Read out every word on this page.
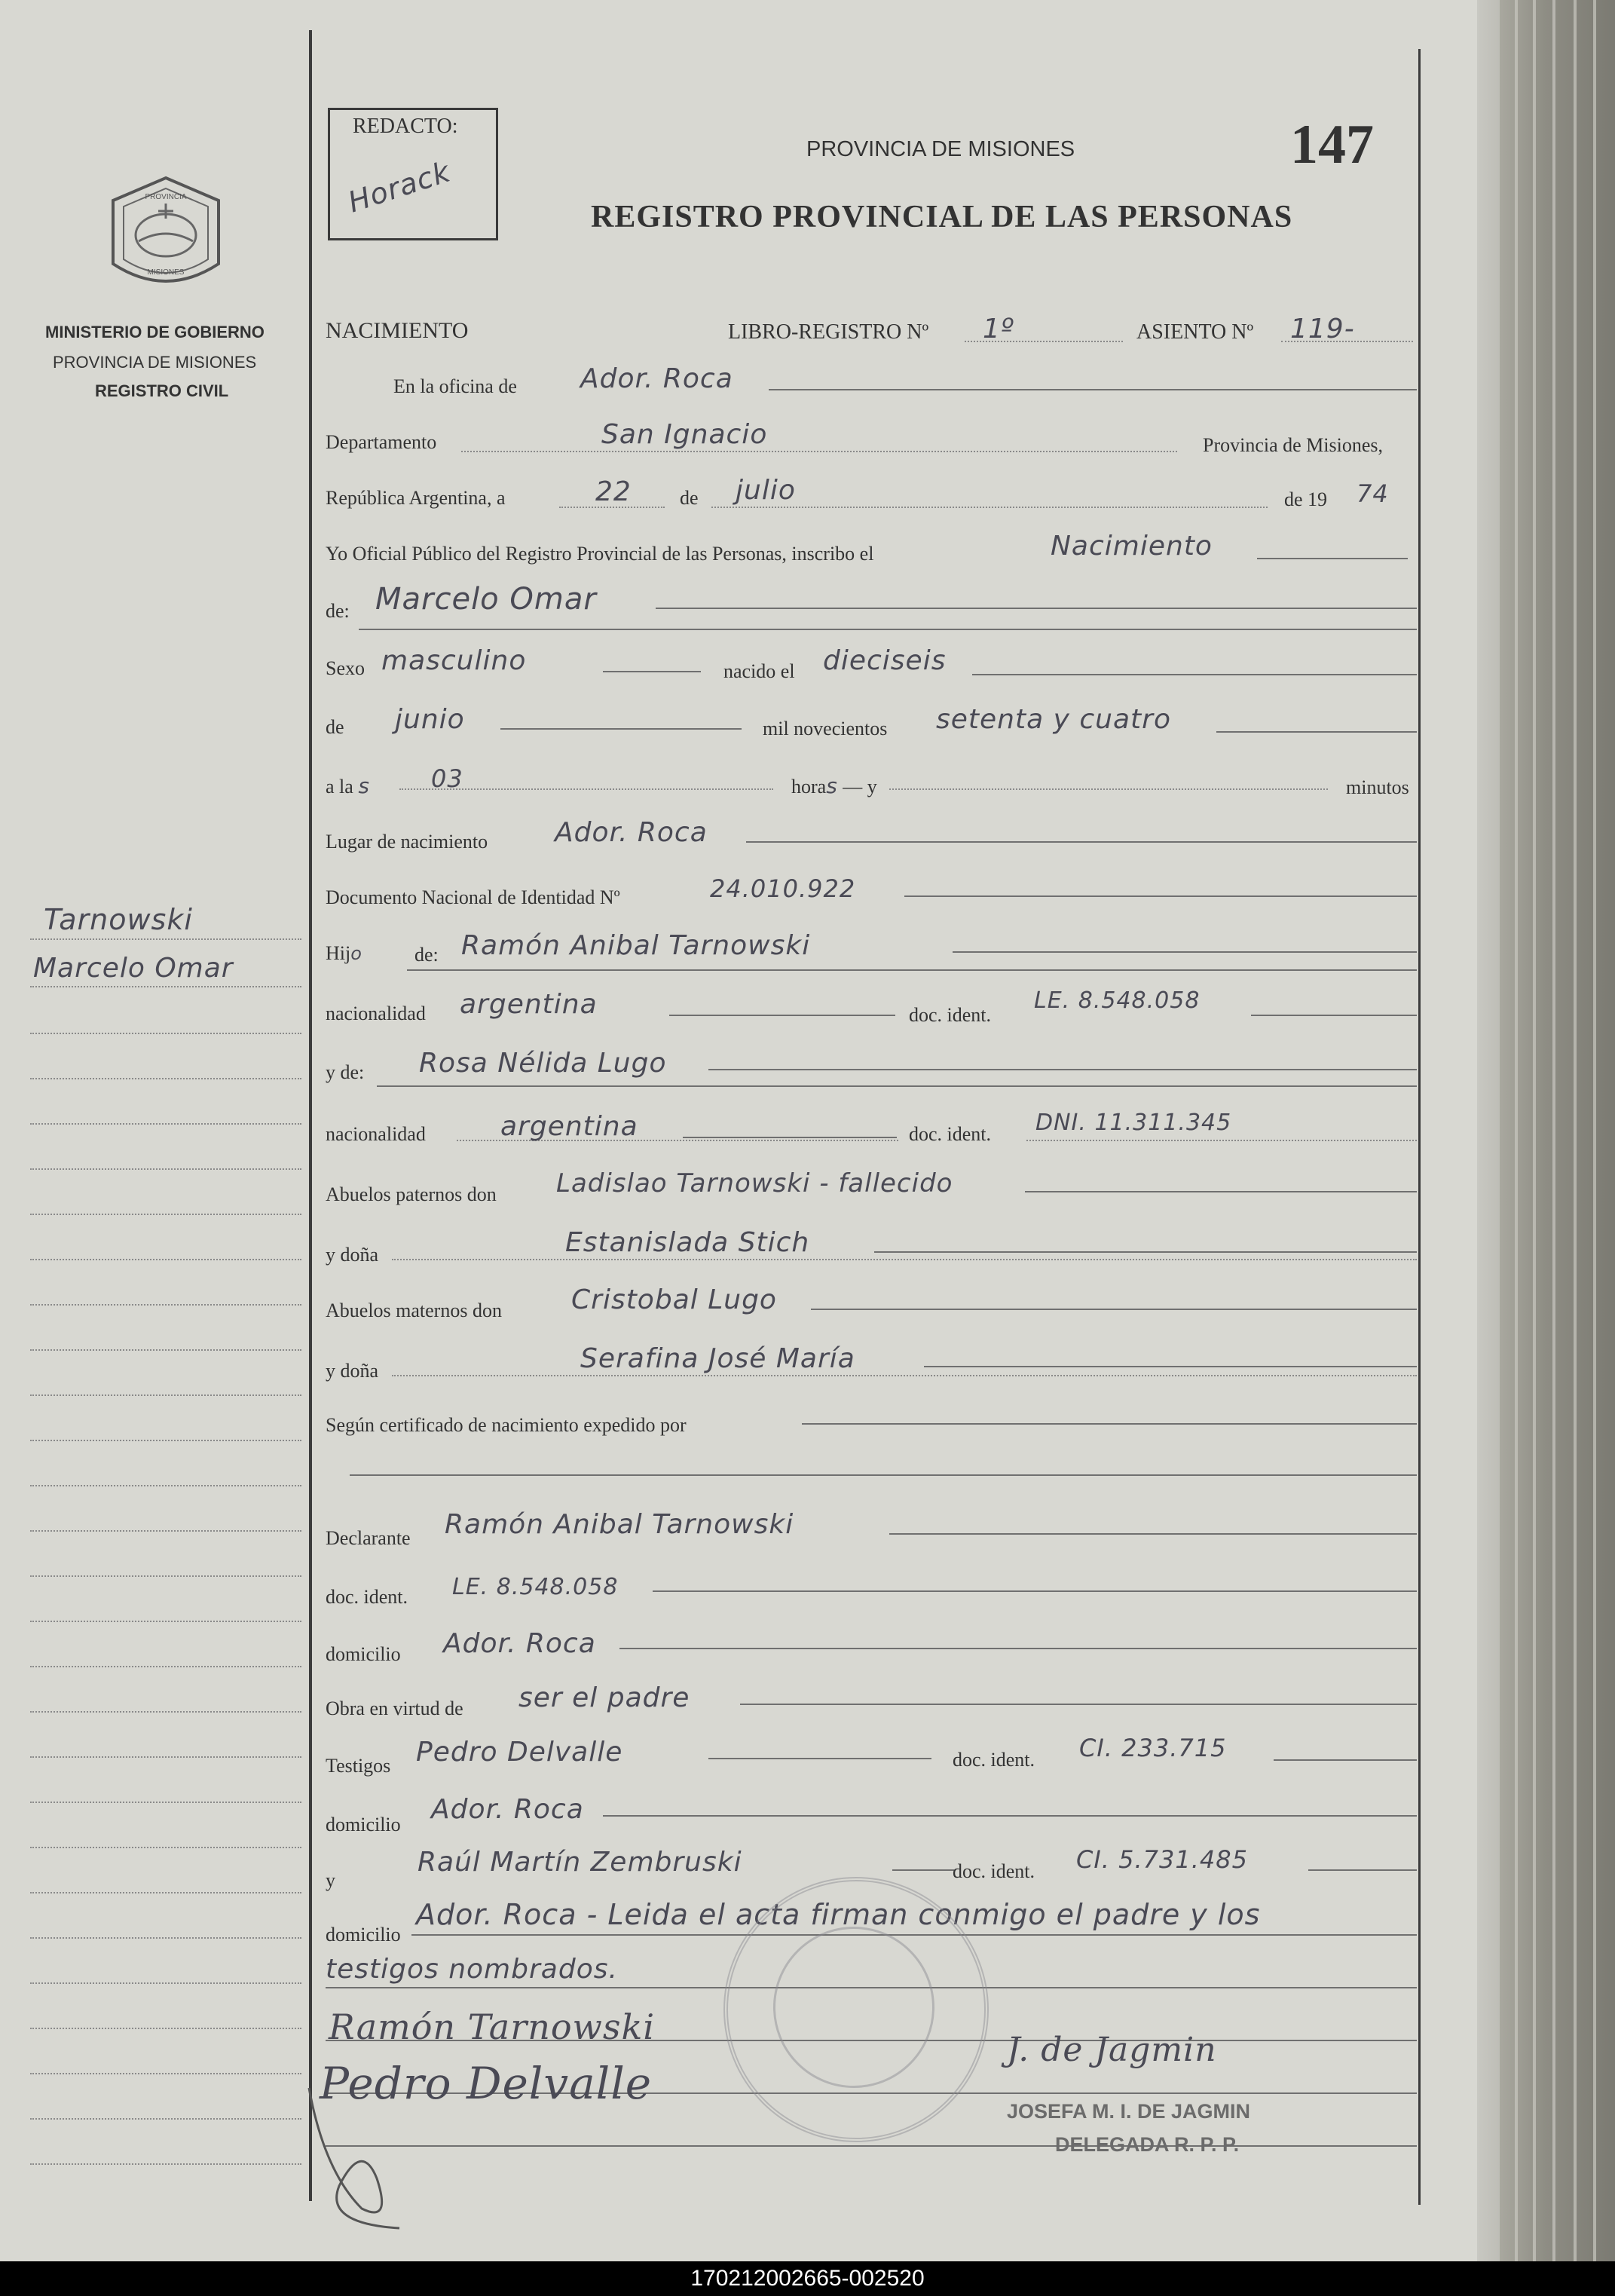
PROVINCIA
MISIONES
MINISTERIO DE GOBIERNO
PROVINCIA DE MISIONES
REGISTRO CIVIL
Tarnowski
Marcelo Omar
REDACTO:
Horack
PROVINCIA DE MISIONES
REGISTRO PROVINCIAL DE LAS PERSONAS
147
NACIMIENTO	LIBRO-REGISTRO Nº 1º	ASIENTO Nº 119-
En la oficina de Ador. Roca
Departamento	San Ignacio	Provincia de Misiones,
República Argentina, a	22 de julio	de 19 74
Yo Oficial Público del Registro Provincial de las Personas, inscribo el	Nacimiento
de: Marcelo Omar
Sexo masculino	nacido el dieciseis
de junio	mil novecientos setenta y cuatro
a la s	03	horas — y	minutos
Lugar de nacimiento Ador. Roca
Documento Nacional de Identidad Nº	24.010.922
Hijo	de: Ramón Anibal Tarnowski
nacionalidad argentina	doc. ident.
LE. 8.548.058
y de: Rosa Nélida Lugo
nacionalidad	argentina	doc. ident. DNI. 11.311.345
Abuelos paternos don Ladislao Tarnowski - fallecido
y doña	Estanislada Stich
Abuelos maternos don	Cristobal Lugo
y doña	Serafina José María
Según certificado de nacimiento expedido por
Declarante Ramón Anibal Tarnowski
doc. ident. LE. 8.548.058
domicilio Ador. Roca
Obra en virtud de ser el padre
Testigos Pedro Delvalle	doc. ident. CI. 233.715
domicilio Ador. Roca
y
Raúl Martín Zembruski	doc. ident. CI. 5.731.485
domicilio
Ador. Roca - Leida el acta firman conmigo el padre y los
testigos nombrados.
Ramón Tarnowski
Pedro Delvalle
J. de Jagmin
JOSEFA M. I. DE JAGMIN
DELEGADA R. P. P.
170212002665-002520
